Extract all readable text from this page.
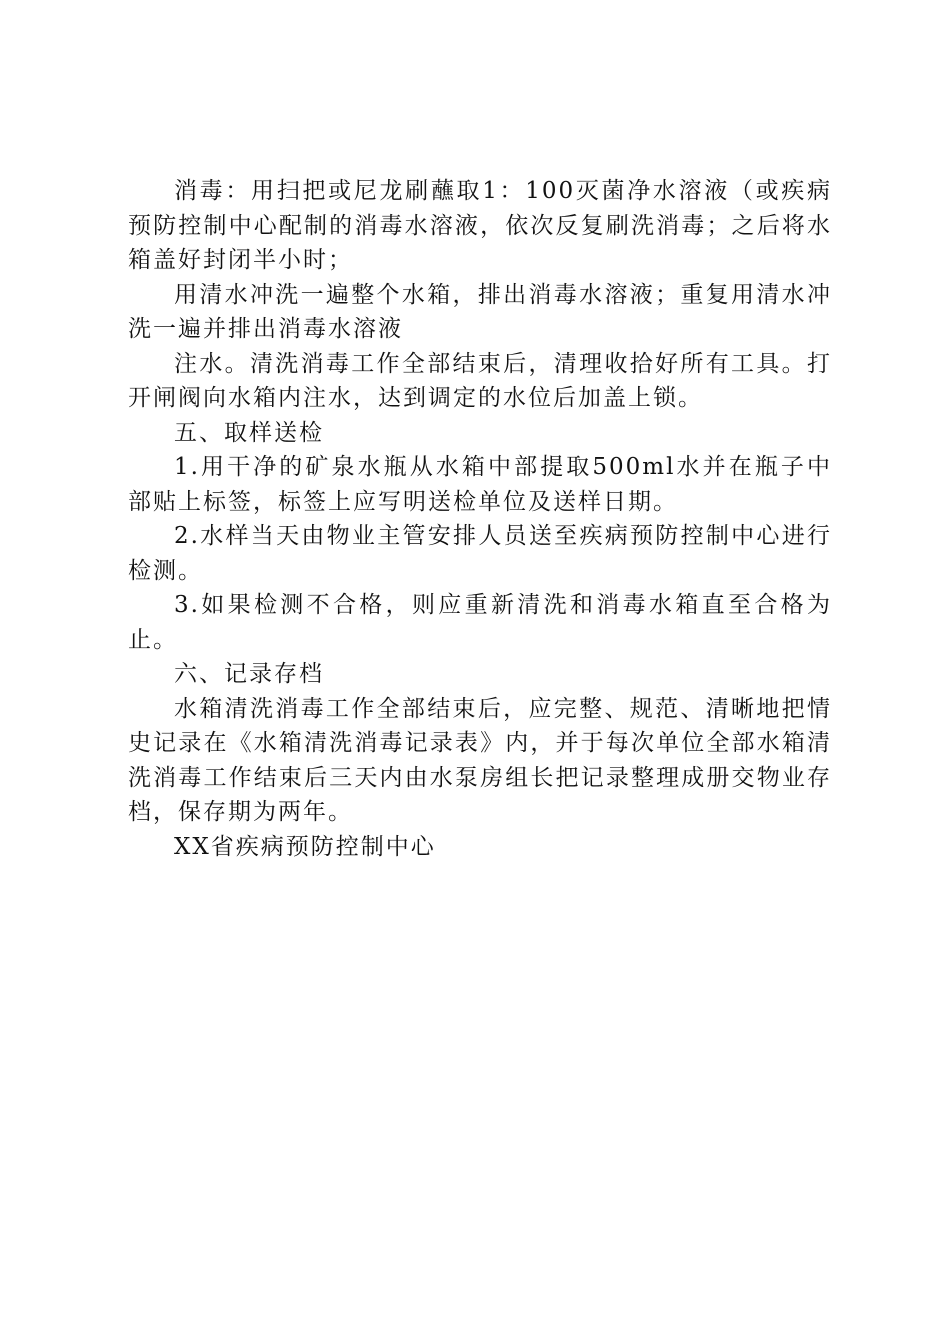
消毒：用扫把或尼龙刷蘸取1：100灭菌净水溶液（或疾病预防控制中心配制的消毒水溶液，依次反复刷洗消毒；之后将水箱盖好封闭半小时；

用清水冲洗一遍整个水箱，排出消毒水溶液；重复用清水冲洗一遍并排出消毒水溶液

注水。清洗消毒工作全部结束后，清理收拾好所有工具。打开闸阀向水箱内注水，达到调定的水位后加盖上锁。

五、取样送检

1.用干净的矿泉水瓶从水箱中部提取500ml水并在瓶子中部贴上标签，标签上应写明送检单位及送样日期。

2.水样当天由物业主管安排人员送至疾病预防控制中心进行检测。

3.如果检测不合格，则应重新清洗和消毒水箱直至合格为止。

六、记录存档

水箱清洗消毒工作全部结束后，应完整、规范、清晰地把情史记录在《水箱清洗消毒记录表》内，并于每次单位全部水箱清洗消毒工作结束后三天内由水泵房组长把记录整理成册交物业存档，保存期为两年。

XX省疾病预防控制中心
